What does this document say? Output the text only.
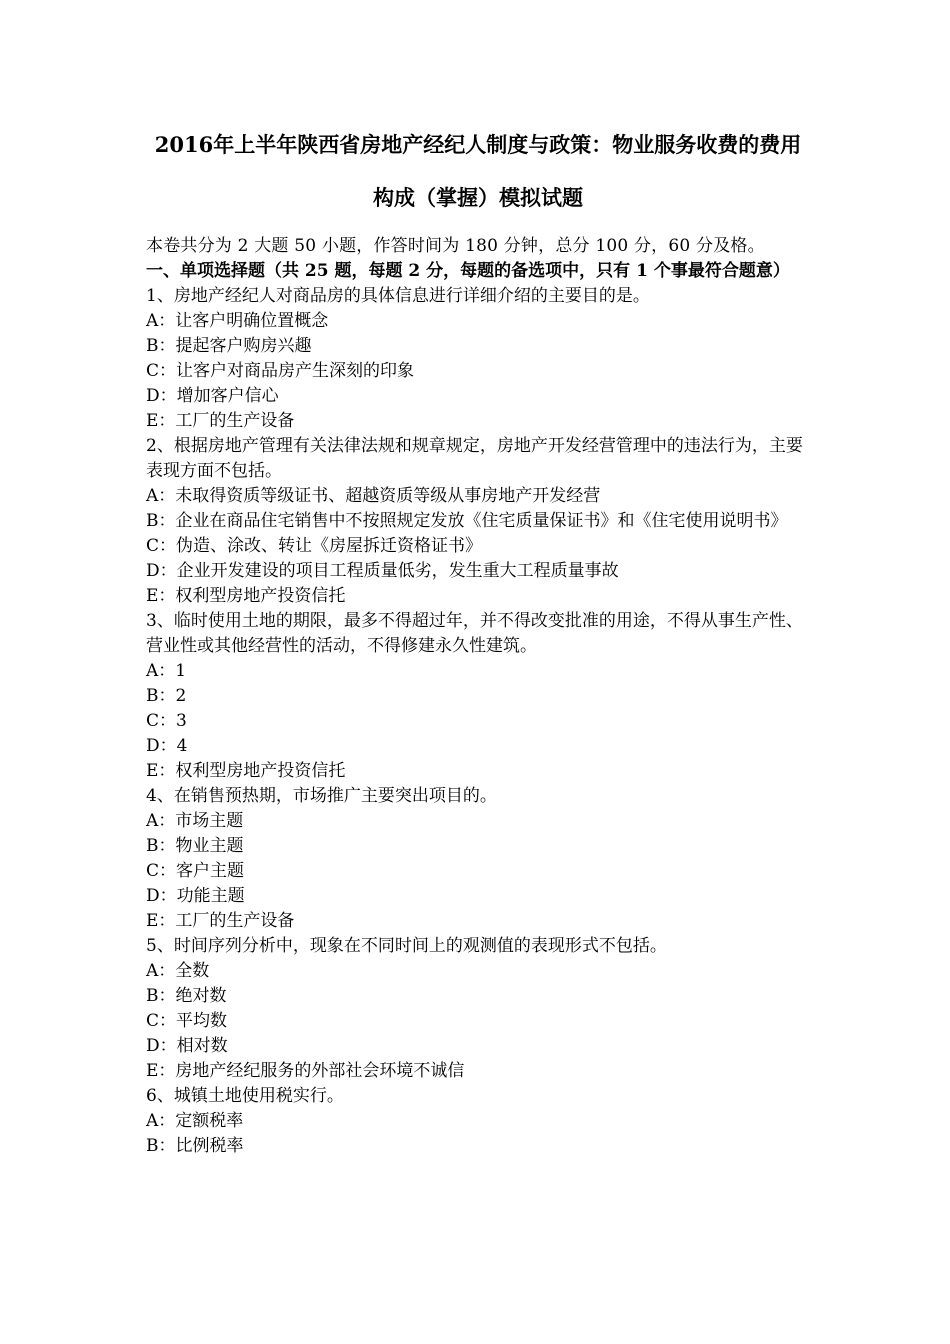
2016年上半年陕西省房地产经纪人制度与政策：物业服务收费的费用构成（掌握）模拟试题

本卷共分为 2 大题 50 小题，作答时间为 180 分钟，总分 100 分，60 分及格。

一、单项选择题（共 25 题，每题 2 分，每题的备选项中，只有 1 个事最符合题意）

1、房地产经纪人对商品房的具体信息进行详细介绍的主要目的是。

A：让客户明确位置概念

B：提起客户购房兴趣

C：让客户对商品房产生深刻的印象

D：增加客户信心

E：工厂的生产设备

2、根据房地产管理有关法律法规和规章规定，房地产开发经营管理中的违法行为，主要表现方面不包括。

A：未取得资质等级证书、超越资质等级从事房地产开发经营

B：企业在商品住宅销售中不按照规定发放《住宅质量保证书》和《住宅使用说明书》

C：伪造、涂改、转让《房屋拆迁资格证书》

D：企业开发建设的项目工程质量低劣，发生重大工程质量事故

E：权利型房地产投资信托

3、临时使用土地的期限，最多不得超过年，并不得改变批准的用途，不得从事生产性、营业性或其他经营性的活动，不得修建永久性建筑。

A：1

B：2

C：3

D：4

E：权利型房地产投资信托

4、在销售预热期，市场推广主要突出项目的。

A：市场主题

B：物业主题

C：客户主题

D：功能主题

E：工厂的生产设备

5、时间序列分析中，现象在不同时间上的观测值的表现形式不包括。

A：全数

B：绝对数

C：平均数

D：相对数

E：房地产经纪服务的外部社会环境不诚信

6、城镇土地使用税实行。

A：定额税率

B：比例税率
